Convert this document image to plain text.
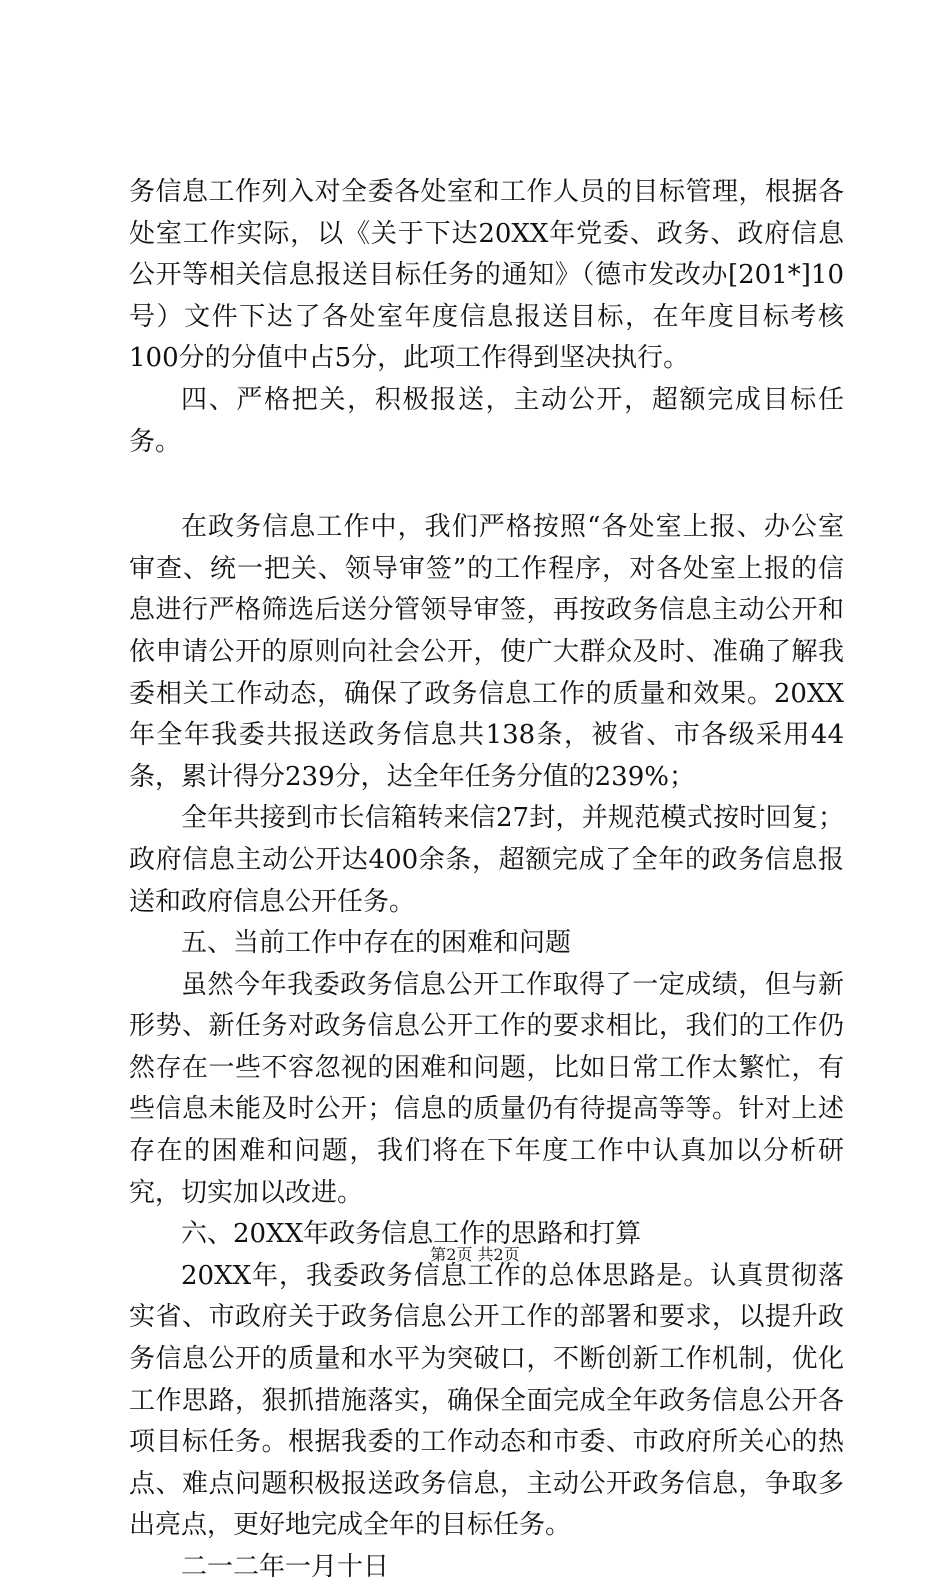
务信息工作列入对全委各处室和工作人员的目标管理，根据各处室工作实际，以《关于下达20XX年党委、政务、政府信息公开等相关信息报送目标任务的通知》（德市发改办[201*]10号）文件下达了各处室年度信息报送目标，在年度目标考核100分的分值中占5分，此项工作得到坚决执行。

四、严格把关，积极报送，主动公开，超额完成目标任务。

在政务信息工作中，我们严格按照“各处室上报、办公室审查、统一把关、领导审签”的工作程序，对各处室上报的信息进行严格筛选后送分管领导审签，再按政务信息主动公开和依申请公开的原则向社会公开，使广大群众及时、准确了解我委相关工作动态，确保了政务信息工作的质量和效果。20XX年全年我委共报送政务信息共138条，被省、市各级采用44条，累计得分239分，达全年任务分值的239%；

全年共接到市长信箱转来信27封，并规范模式按时回复；政府信息主动公开达400余条，超额完成了全年的政务信息报送和政府信息公开任务。

五、当前工作中存在的困难和问题

虽然今年我委政务信息公开工作取得了一定成绩，但与新形势、新任务对政务信息公开工作的要求相比，我们的工作仍然存在一些不容忽视的困难和问题，比如日常工作太繁忙，有些信息未能及时公开；信息的质量仍有待提高等等。针对上述存在的困难和问题，我们将在下年度工作中认真加以分析研究，切实加以改进。

六、20XX年政务信息工作的思路和打算

20XX年，我委政务信息工作的总体思路是。认真贯彻落实省、市政府关于政务信息公开工作的部署和要求，以提升政务信息公开的质量和水平为突破口，不断创新工作机制，优化工作思路，狠抓措施落实，确保全面完成全年政务信息公开各项目标任务。根据我委的工作动态和市委、市政府所关心的热点、难点问题积极报送政务信息，主动公开政务信息，争取多出亮点，更好地完成全年的目标任务。

二一二年一月十日

第2页 共2页
